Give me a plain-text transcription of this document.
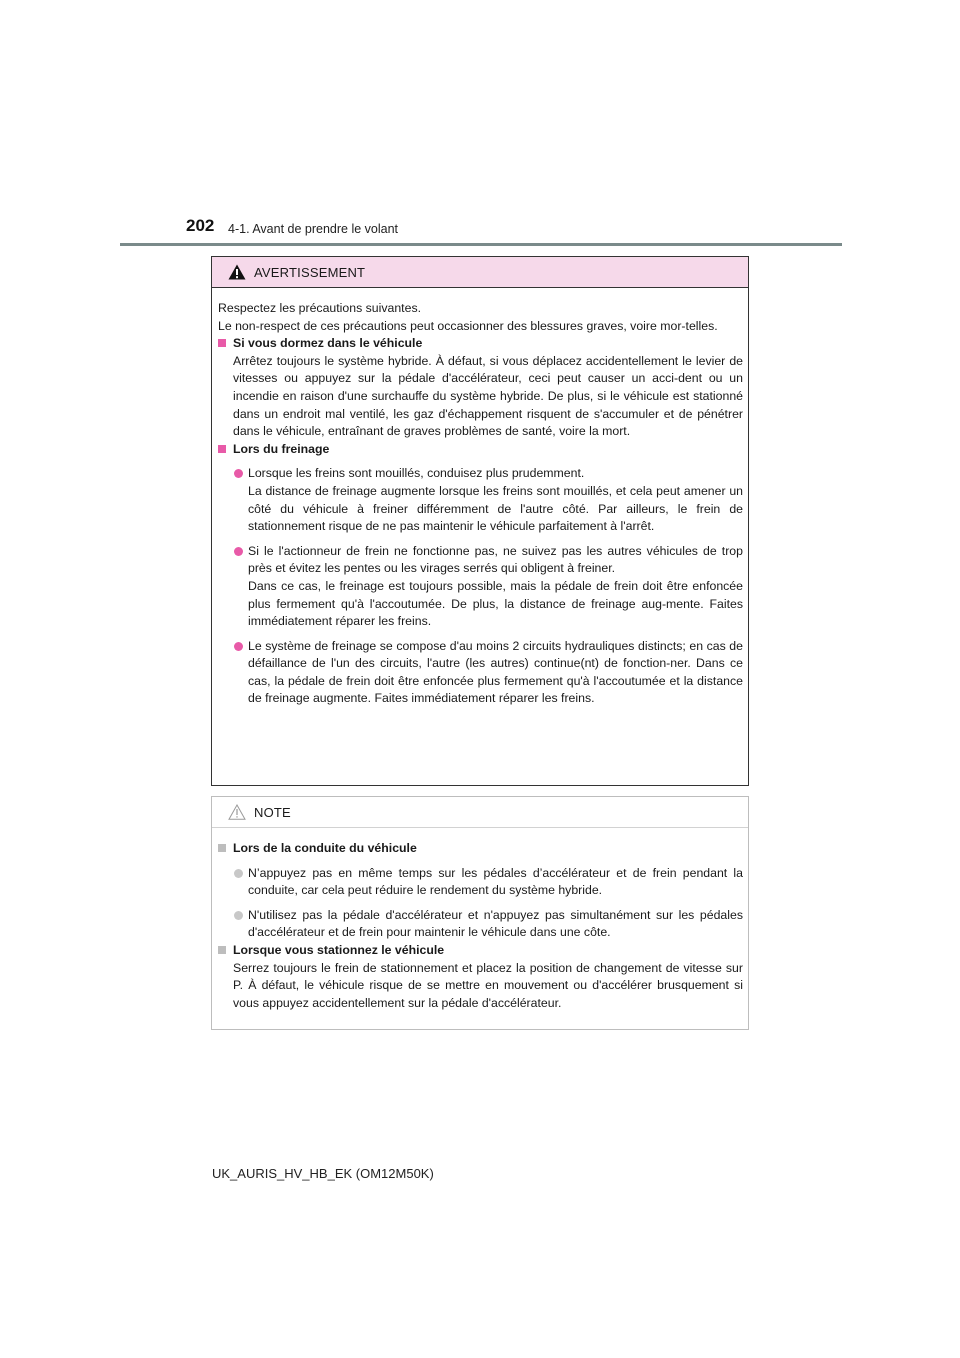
202 4-1. Avant de prendre le volant
AVERTISSEMENT

Respectez les précautions suivantes.

Le non-respect de ces précautions peut occasionner des blessures graves, voire mor-telles.

Si vous dormez dans le véhicule

Arrêtez toujours le système hybride. À défaut, si vous déplacez accidentellement le levier de vitesses ou appuyez sur la pédale d'accélérateur, ceci peut causer un acci-dent ou un incendie en raison d'une surchauffe du système hybride. De plus, si le véhicule est stationné dans un endroit mal ventilé, les gaz d'échappement risquent de s'accumuler et de pénétrer dans le véhicule, entraînant de graves problèmes de santé, voire la mort.

Lors du freinage

Lorsque les freins sont mouillés, conduisez plus prudemment.

La distance de freinage augmente lorsque les freins sont mouillés, et cela peut amener un côté du véhicule à freiner différemment de l'autre côté. Par ailleurs, le frein de stationnement risque de ne pas maintenir le véhicule parfaitement à l'arrêt.

Si le l'actionneur de frein ne fonctionne pas, ne suivez pas les autres véhicules de trop près et évitez les pentes ou les virages serrés qui obligent à freiner.

Dans ce cas, le freinage est toujours possible, mais la pédale de frein doit être enfoncée plus fermement qu'à l'accoutumée. De plus, la distance de freinage aug-mente. Faites immédiatement réparer les freins.

Le système de freinage se compose d'au moins 2 circuits hydrauliques distincts; en cas de défaillance de l'un des circuits, l'autre (les autres) continue(nt) de fonction-ner. Dans ce cas, la pédale de frein doit être enfoncée plus fermement qu'à l'accoutumée et la distance de freinage augmente. Faites immédiatement réparer les freins.

NOTE

Lors de la conduite du véhicule

N’appuyez pas en même temps sur les pédales d’accélérateur et de frein pendant la conduite, car cela peut réduire le rendement du système hybride.

N'utilisez pas la pédale d'accélérateur et n'appuyez pas simultanément sur les pédales d'accélérateur et de frein pour maintenir le véhicule dans une côte.

Lorsque vous stationnez le véhicule

Serrez toujours le frein de stationnement et placez la position de changement de vitesse sur P. À défaut, le véhicule risque de se mettre en mouvement ou d'accélérer brusquement si vous appuyez accidentellement sur la pédale d'accélérateur.

UK_AURIS_HV_HB_EK (OM12M50K)
